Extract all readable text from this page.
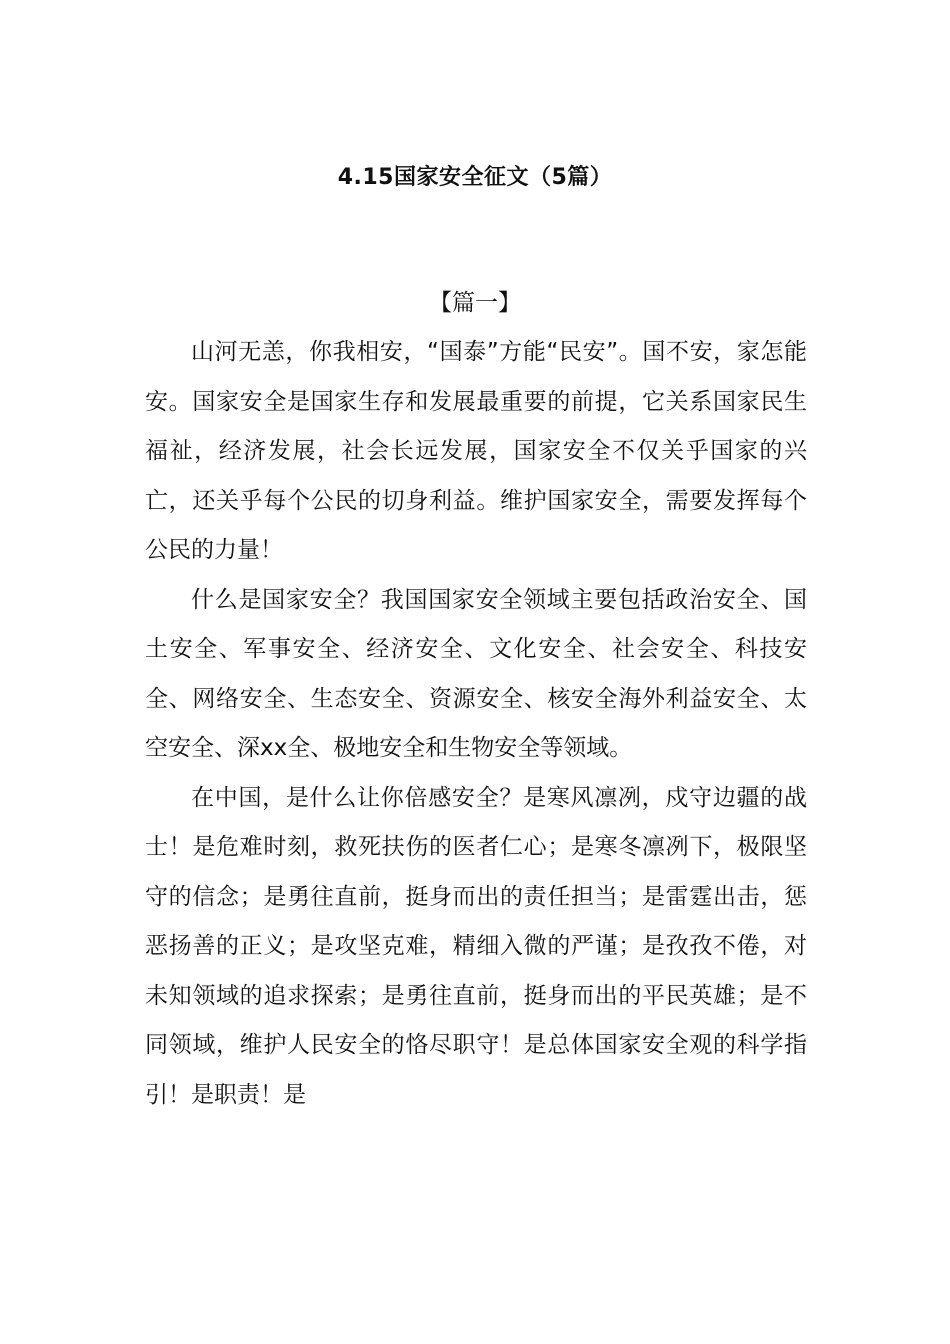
4.15国家安全征文（5篇）
【篇一】

山河无恙，你我相安，“国泰”方能“民安”。国不安，家怎能安。国家安全是国家生存和发展最重要的前提，它关系国家民生福祉，经济发展，社会长远发展，国家安全不仅关乎国家的兴亡，还关乎每个公民的切身利益。维护国家安全，需要发挥每个公民的力量！

什么是国家安全？我国国家安全领域主要包括政治安全、国土安全、军事安全、经济安全、文化安全、社会安全、科技安全、网络安全、生态安全、资源安全、核安全海外利益安全、太空安全、深xx全、极地安全和生物安全等领域。

在中国，是什么让你倍感安全？是寒风凛冽，戍守边疆的战士！是危难时刻，救死扶伤的医者仁心；是寒冬凛冽下，极限坚守的信念；是勇往直前，挺身而出的责任担当；是雷霆出击，惩恶扬善的正义；是攻坚克难，精细入微的严谨；是孜孜不倦，对未知领域的追求探索；是勇往直前，挺身而出的平民英雄；是不同领域，维护人民安全的恪尽职守！是总体国家安全观的科学指引！是职责！是
